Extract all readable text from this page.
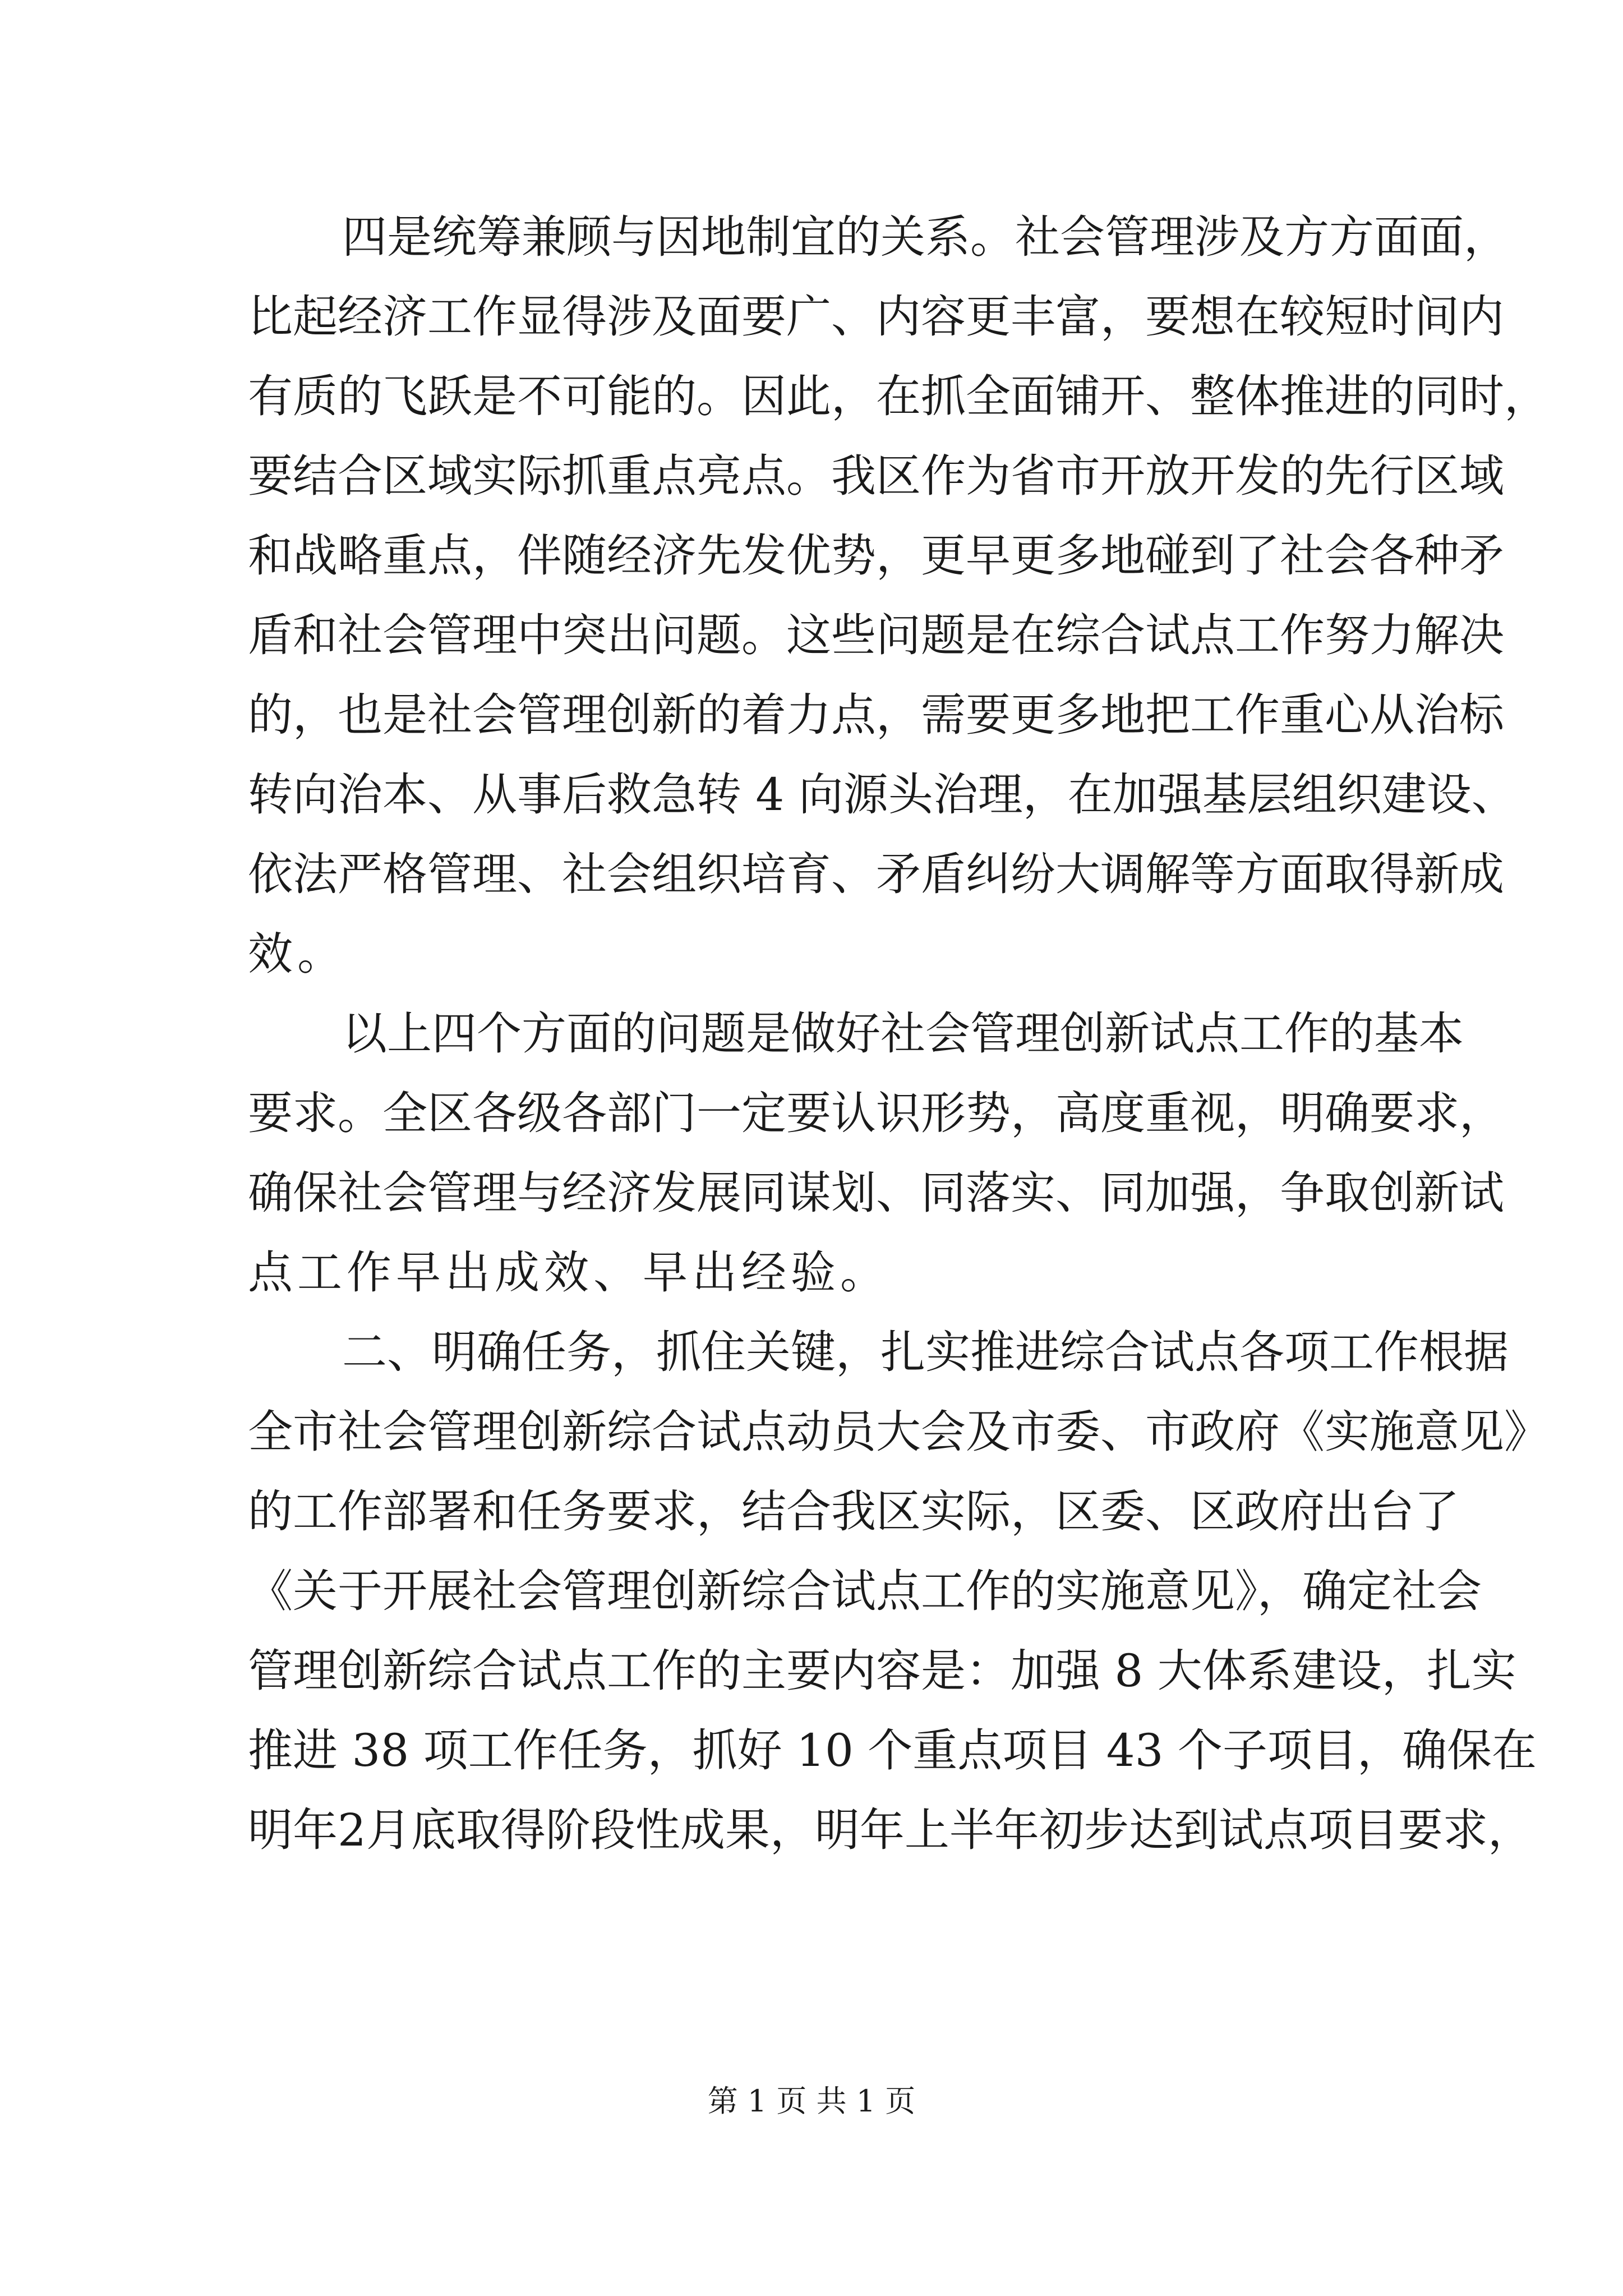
四是统筹兼顾与因地制宜的关系。社会管理涉及方方面面，
比起经济工作显得涉及面要广、内容更丰富，要想在较短时间内
有质的飞跃是不可能的。因此，在抓全面铺开、整体推进的同时，
要结合区域实际抓重点亮点。我区作为省市开放开发的先行区域
和战略重点，伴随经济先发优势，更早更多地碰到了社会各种矛
盾和社会管理中突出问题。这些问题是在综合试点工作努力解决
的，也是社会管理创新的着力点，需要更多地把工作重心从治标
转向治本、从事后救急转 4 向源头治理，在加强基层组织建设、
依法严格管理、社会组织培育、矛盾纠纷大调解等方面取得新成
效。
以上四个方面的问题是做好社会管理创新试点工作的基本
要求。全区各级各部门一定要认识形势，高度重视，明确要求，
确保社会管理与经济发展同谋划、同落实、同加强，争取创新试
点工作早出成效、早出经验。
二、明确任务，抓住关键，扎实推进综合试点各项工作根据
全市社会管理创新综合试点动员大会及市委、市政府《实施意见》
的工作部署和任务要求，结合我区实际，区委、区政府出台了
《关于开展社会管理创新综合试点工作的实施意见》，确定社会
管理创新综合试点工作的主要内容是：加强 8 大体系建设，扎实
推进 38 项工作任务，抓好 10 个重点项目 43 个子项目，确保在
明年2月底取得阶段性成果，明年上半年初步达到试点项目要求，
第 1 页 共 1 页
